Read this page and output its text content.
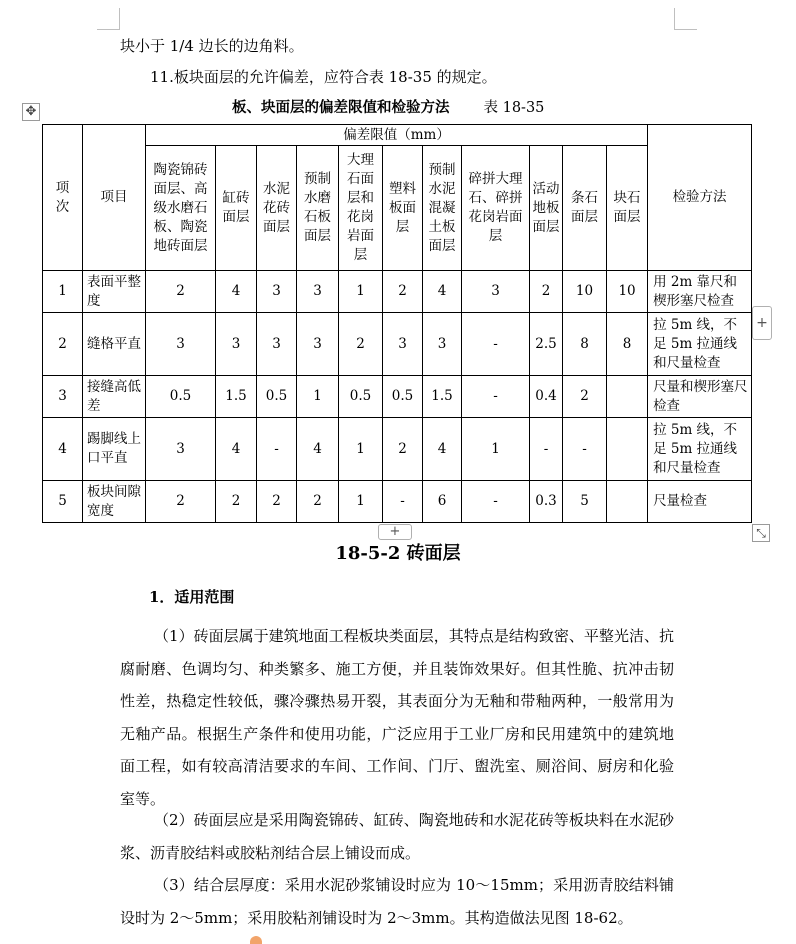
块小于 1/4 边长的边角料。
11.板块面层的允许偏差，应符合表 18-35 的规定。
板、块面层的偏差限值和检验方法 表 18-35
✥
项次	项目	偏差限值（mm）											检验方法
		陶瓷锦砖面层、高级水磨石板、陶瓷地砖面层	缸砖面层	水泥花砖面层	预制水磨石板面层	大理石面层和花岗岩面层	塑料板面层	预制水泥混凝土板面层	碎拼大理石、碎拼花岗岩面层	活动地板面层	条石面层	块石面层	
1	表面平整度	2	4	3	3	1	2	4	3	2	10	10	用 2m 靠尺和楔形塞尺检查
2	缝格平直	3	3	3	3	2	3	3	-	2.5	8	8	拉 5m 线，不足 5m 拉通线和尺量检查
3	接缝高低差	0.5	1.5	0.5	1	0.5	0.5	1.5	-	0.4	2		尺量和楔形塞尺检查
4	踢脚线上口平直	3	4	-	4	1	2	4	1	-	-		拉 5m 线，不足 5m 拉通线和尺量检查
5	板块间隙宽度	2	2	2	2	1	-	6	-	0.3	5		尺量检查
+
+	⤡
18-5-2 砖面层
1．适用范围
（1）砖面层属于建筑地面工程板块类面层，其特点是结构致密、平整光洁、抗腐耐磨、色调均匀、种类繁多、施工方便，并且装饰效果好。但其性脆、抗冲击韧性差，热稳定性较低，骤冷骤热易开裂，其表面分为无釉和带釉两种，一般常用为无釉产品。根据生产条件和使用功能，广泛应用于工业厂房和民用建筑中的建筑地面工程，如有较高清洁要求的车间、工作间、门厅、盥洗室、厕浴间、厨房和化验室等。
（2）砖面层应是采用陶瓷锦砖、缸砖、陶瓷地砖和水泥花砖等板块料在水泥砂浆、沥青胶结料或胶粘剂结合层上铺设而成。
（3）结合层厚度：采用水泥砂浆铺设时应为 10～15mm；采用沥青胶结料铺设时为 2～5mm；采用胶粘剂铺设时为 2～3mm。其构造做法见图 18-62。
